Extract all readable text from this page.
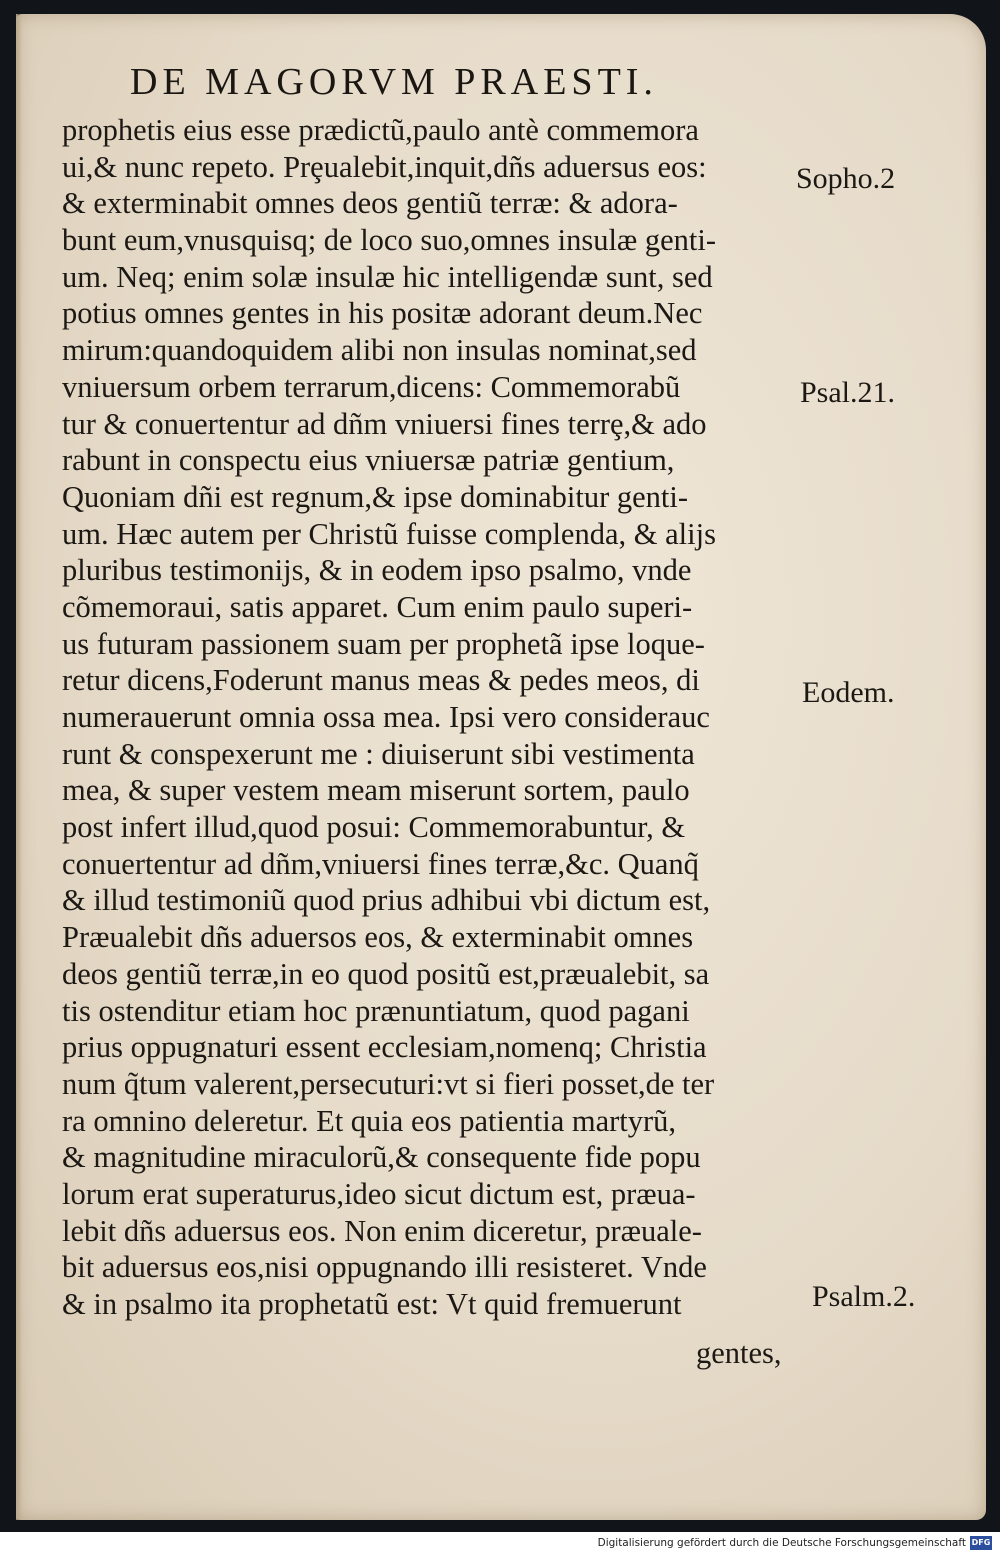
DE MAGORVM PRAESTI.
prophetis eius esse prædictũ,paulo antè commemora
ui,& nunc repeto. Prȩualebit,inquit,dñs aduersus eos:
& exterminabit omnes deos gentiũ terræ: & adora-
bunt eum,vnusquisq; de loco suo,omnes insulæ genti-
um. Neq; enim solæ insulæ hic intelligendæ sunt, sed
potius omnes gentes in his positæ adorant deum.Nec
mirum:quandoquidem alibi non insulas nominat,sed
vniuersum orbem terrarum,dicens: Commemorabũ
tur & conuertentur ad dñm vniuersi fines terrȩ,& ado
rabunt in conspectu eius vniuersæ patriæ gentium,
Quoniam dñi est regnum,& ipse dominabitur genti-
um. Hæc autem per Christũ fuisse complenda, & alijs
pluribus testimonijs, & in eodem ipso psalmo, vnde
cõmemoraui, satis apparet. Cum enim paulo superi-
us futuram passionem suam per prophetã ipse loque-
retur dicens,Foderunt manus meas & pedes meos, di
numerauerunt omnia ossa mea. Ipsi vero considerauc
runt & conspexerunt me : diuiserunt sibi vestimenta
mea, & super vestem meam miserunt sortem, paulo
post infert illud,quod posui: Commemorabuntur, &
conuertentur ad dñm,vniuersi fines terræ,&c. Quanq̃
& illud testimoniũ quod prius adhibui vbi dictum est,
Præualebit dñs aduersos eos, & exterminabit omnes
deos gentiũ terræ,in eo quod positũ est,præualebit, sa
tis ostenditur etiam hoc prænuntiatum, quod pagani
prius oppugnaturi essent ecclesiam,nomenq; Christia
num q̃tum valerent,persecuturi:vt si fieri posset,de ter
ra omnino deleretur. Et quia eos patientia martyrũ,
& magnitudine miraculorũ,& consequente fide popu
lorum erat superaturus,ideo sicut dictum est, præua-
lebit dñs aduersus eos. Non enim diceretur, præuale-
bit aduersus eos,nisi oppugnando illi resisteret. Vnde
& in psalmo ita prophetatũ est: Vt quid fremuerunt
gentes,
Sopho.2
Psal.21.
Eodem.
Psalm.2.
Digitalisierung gefördert durch die Deutsche Forschungsgemeinschaft DFG
